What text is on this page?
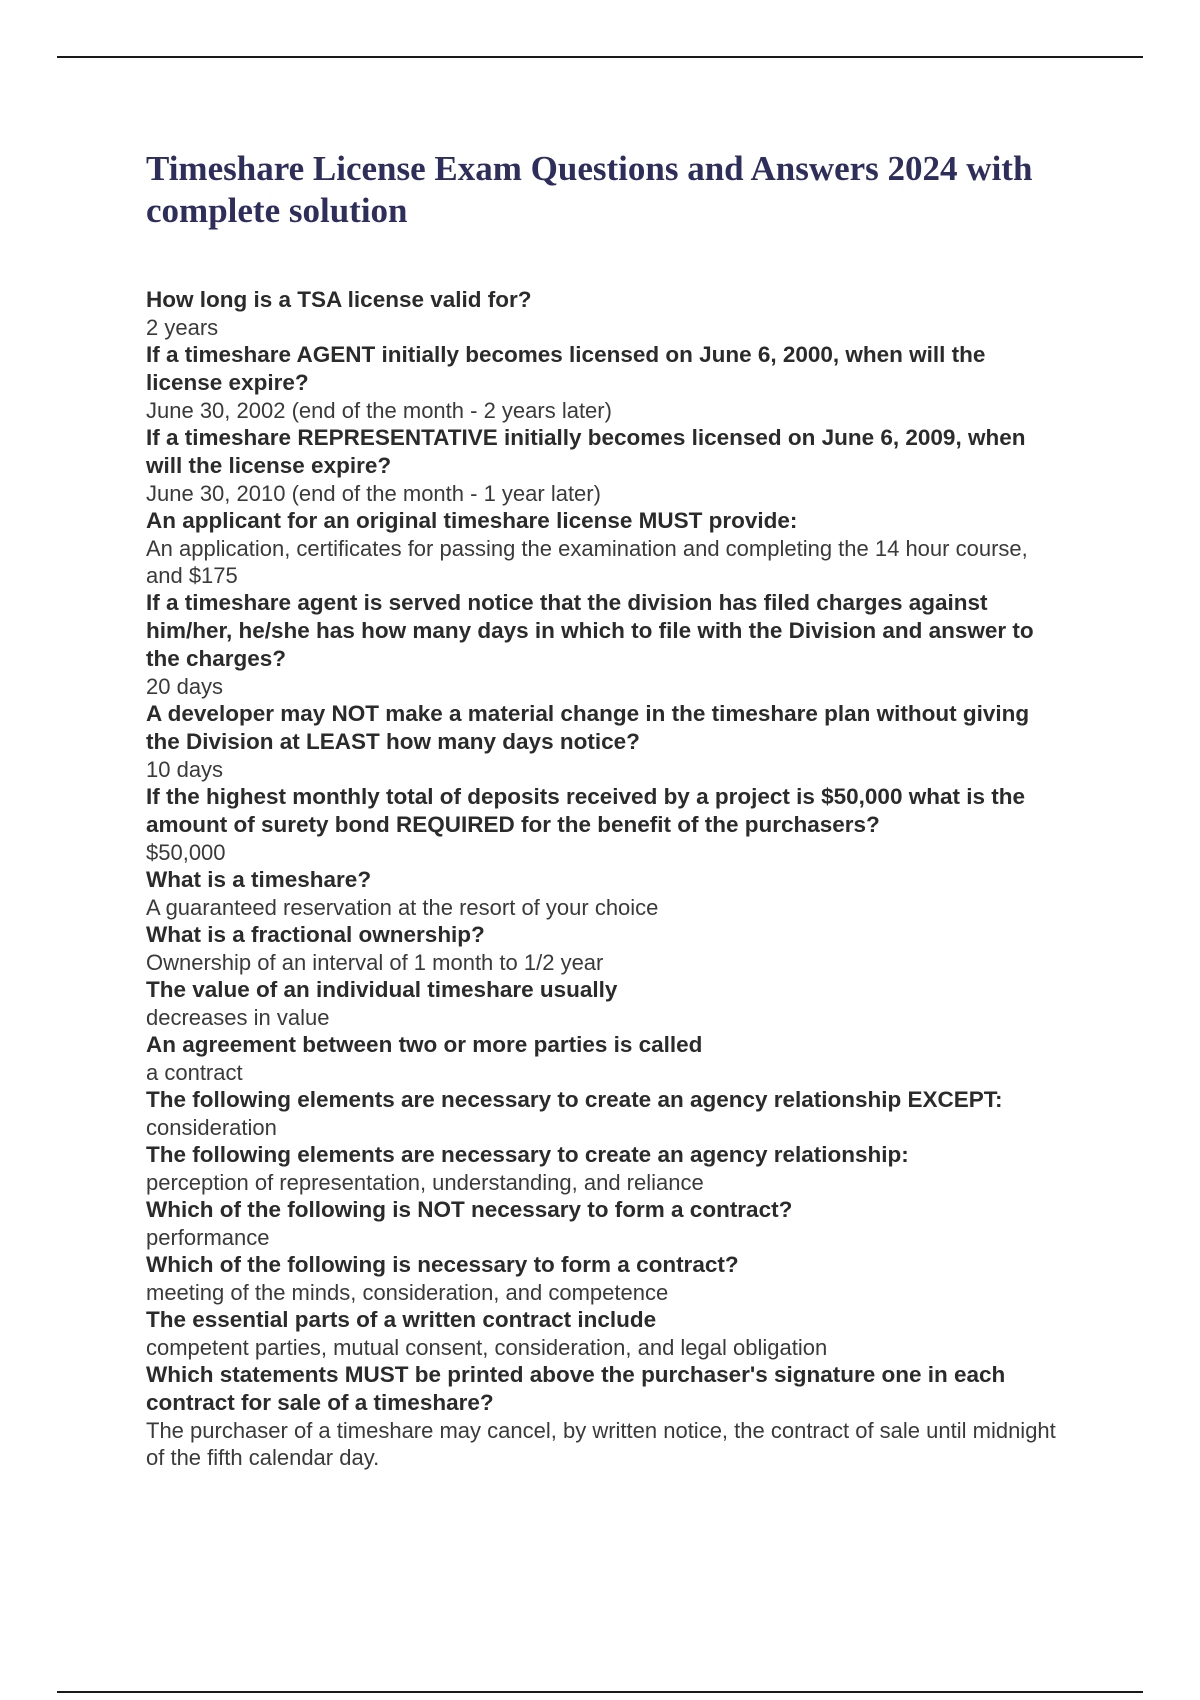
Timeshare License Exam Questions and Answers 2024 with complete solution
How long is a TSA license valid for?
2 years
If a timeshare AGENT initially becomes licensed on June 6, 2000, when will the license expire?
June 30, 2002 (end of the month - 2 years later)
If a timeshare REPRESENTATIVE initially becomes licensed on June 6, 2009, when will the license expire?
June 30, 2010 (end of the month - 1 year later)
An applicant for an original timeshare license MUST provide:
An application, certificates for passing the examination and completing the 14 hour course, and $175
If a timeshare agent is served notice that the division has filed charges against him/her, he/she has how many days in which to file with the Division and answer to the charges?
20 days
A developer may NOT make a material change in the timeshare plan without giving the Division at LEAST how many days notice?
10 days
If the highest monthly total of deposits received by a project is $50,000 what is the amount of surety bond REQUIRED for the benefit of the purchasers?
$50,000
What is a timeshare?
A guaranteed reservation at the resort of your choice
What is a fractional ownership?
Ownership of an interval of 1 month to 1/2 year
The value of an individual timeshare usually
decreases in value
An agreement between two or more parties is called
a contract
The following elements are necessary to create an agency relationship EXCEPT:
consideration
The following elements are necessary to create an agency relationship:
perception of representation, understanding, and reliance
Which of the following is NOT necessary to form a contract?
performance
Which of the following is necessary to form a contract?
meeting of the minds, consideration, and competence
The essential parts of a written contract include
competent parties, mutual consent, consideration, and legal obligation
Which statements MUST be printed above the purchaser's signature one in each contract for sale of a timeshare?
The purchaser of a timeshare may cancel, by written notice, the contract of sale until midnight of the fifth calendar day.
